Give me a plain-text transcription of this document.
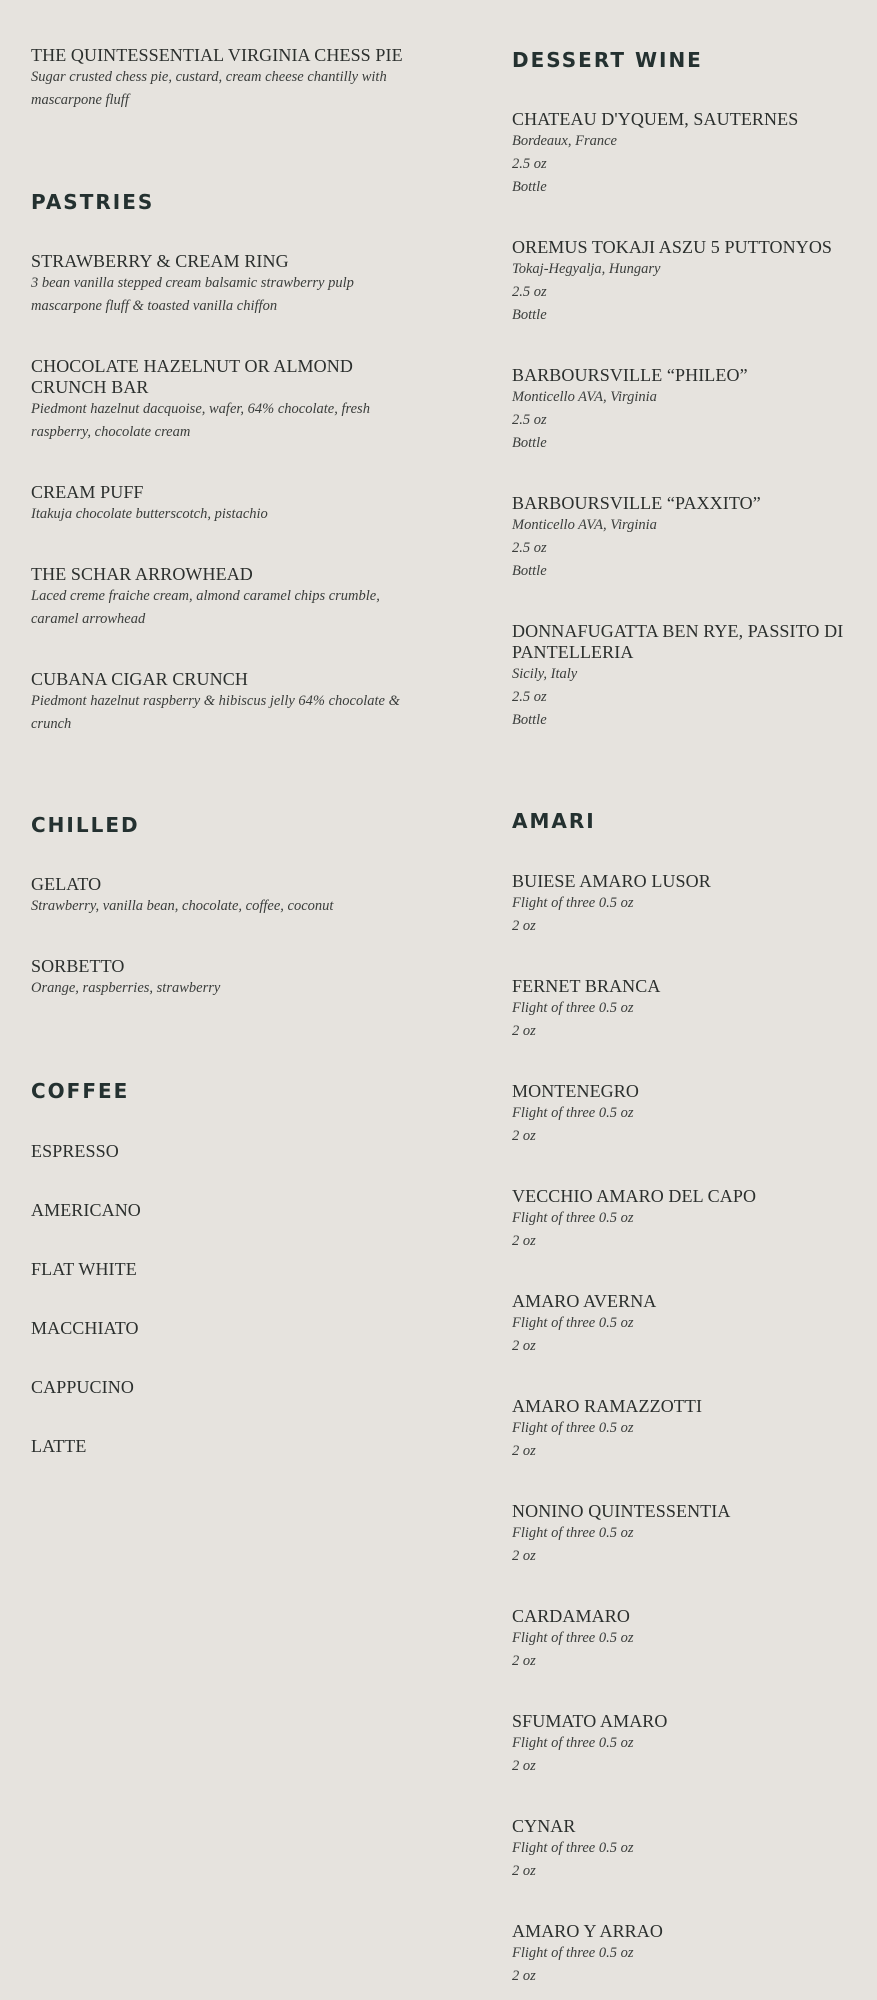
THE QUINTESSENTIAL VIRGINIA CHESS PIE
Sugar crusted chess pie, custard, cream cheese chantilly with mascarpone fluff
PASTRIES
STRAWBERRY & CREAM RING
3 bean vanilla stepped cream balsamic strawberry pulp mascarpone fluff & toasted vanilla chiffon
CHOCOLATE HAZELNUT OR ALMOND CRUNCH BAR
Piedmont hazelnut dacquoise, wafer, 64% chocolate, fresh raspberry, chocolate cream
CREAM PUFF
Itakuja chocolate butterscotch, pistachio
THE SCHAR ARROWHEAD
Laced creme fraiche cream, almond caramel chips crumble, caramel arrowhead
CUBANA CIGAR CRUNCH
Piedmont hazelnut raspberry & hibiscus jelly 64% chocolate & crunch
CHILLED
GELATO
Strawberry, vanilla bean, chocolate, coffee, coconut
SORBETTO
Orange, raspberries, strawberry
COFFEE
ESPRESSO
AMERICANO
FLAT WHITE
MACCHIATO
CAPPUCINO
LATTE
DESSERT WINE
CHATEAU D'YQUEM, SAUTERNES
Bordeaux, France
2.5 oz
Bottle
OREMUS TOKAJI ASZU 5 PUTTONYOS
Tokaj-Hegyalja, Hungary
2.5 oz
Bottle
BARBOURSVILLE “PHILEO”
Monticello AVA, Virginia
2.5 oz
Bottle
BARBOURSVILLE “PAXXITO”
Monticello AVA, Virginia
2.5 oz
Bottle
DONNAFUGATTA BEN RYE, PASSITO DI PANTELLERIA
Sicily, Italy
2.5 oz
Bottle
AMARI
BUIESE AMARO LUSOR
Flight of three 0.5 oz
2 oz
FERNET BRANCA
Flight of three 0.5 oz
2 oz
MONTENEGRO
Flight of three 0.5 oz
2 oz
VECCHIO AMARO DEL CAPO
Flight of three 0.5 oz
2 oz
AMARO AVERNA
Flight of three 0.5 oz
2 oz
AMARO RAMAZZOTTI
Flight of three 0.5 oz
2 oz
NONINO QUINTESSENTIA
Flight of three 0.5 oz
2 oz
CARDAMARO
Flight of three 0.5 oz
2 oz
SFUMATO AMARO
Flight of three 0.5 oz
2 oz
CYNAR
Flight of three 0.5 oz
2 oz
AMARO Y ARRAO
Flight of three 0.5 oz
2 oz
